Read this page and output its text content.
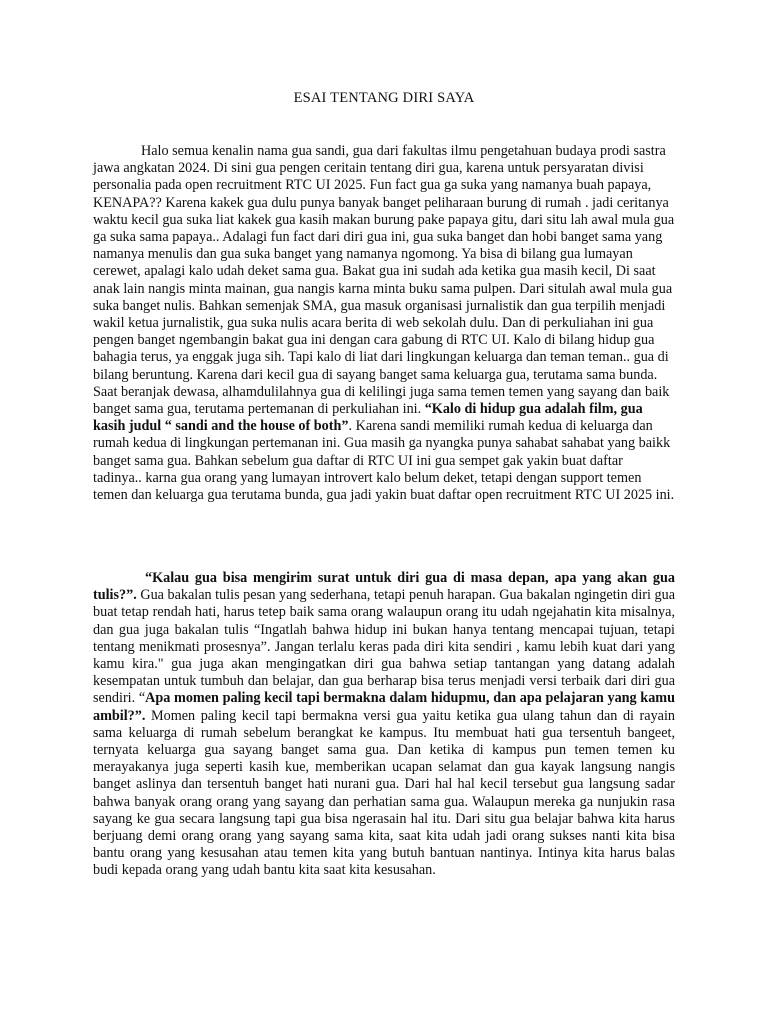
ESAI TENTANG DIRI SAYA

Halo semua kenalin nama gua sandi, gua dari fakultas ilmu pengetahuan budaya prodi sastra jawa angkatan 2024. Di sini gua pengen ceritain tentang diri gua, karena untuk persyaratan divisi personalia pada open recruitment RTC UI 2025. Fun fact gua ga suka yang namanya buah papaya, KENAPA?? Karena kakek gua dulu punya banyak banget peliharaan burung di rumah . jadi ceritanya waktu kecil gua suka liat kakek gua kasih makan burung pake papaya gitu, dari situ lah awal mula gua ga suka sama papaya.. Adalagi fun fact dari diri gua ini, gua suka banget dan hobi banget sama yang namanya menulis dan gua suka banget yang namanya ngomong. Ya bisa di bilang gua lumayan cerewet, apalagi kalo udah deket sama gua. Bakat gua ini sudah ada ketika gua masih kecil, Di saat anak lain nangis minta mainan, gua nangis karna minta buku sama pulpen. Dari situlah awal mula gua suka banget nulis. Bahkan semenjak SMA, gua masuk organisasi jurnalistik dan gua terpilih menjadi wakil ketua jurnalistik, gua suka nulis acara berita di web sekolah dulu. Dan di perkuliahan ini gua pengen banget ngembangin bakat gua ini dengan cara gabung di RTC UI. Kalo di bilang hidup gua bahagia terus, ya enggak juga sih. Tapi kalo di liat dari lingkungan keluarga dan teman teman.. gua di bilang beruntung. Karena dari kecil gua di sayang banget sama keluarga gua, terutama sama bunda. Saat beranjak dewasa, alhamdulilahnya gua di kelilingi juga sama temen temen yang sayang dan baik banget sama gua, terutama pertemanan di perkuliahan ini. “Kalo di hidup gua adalah film, gua kasih judul “ sandi and the house of both”. Karena sandi memiliki rumah kedua di keluarga dan rumah kedua di lingkungan pertemanan ini. Gua masih ga nyangka punya sahabat sahabat yang baikk banget sama gua. Bahkan sebelum gua daftar di RTC UI ini gua sempet gak yakin buat daftar tadinya.. karna gua orang yang lumayan introvert kalo belum deket, tetapi dengan support temen temen dan keluarga gua terutama bunda, gua jadi yakin buat daftar open recruitment RTC UI 2025 ini.

“Kalau gua bisa mengirim surat untuk diri gua di masa depan, apa yang akan gua tulis?”. Gua bakalan tulis pesan yang sederhana, tetapi penuh harapan. Gua bakalan ngingetin diri gua buat tetap rendah hati, harus tetep baik sama orang walaupun orang itu udah ngejahatin kita misalnya, dan gua juga bakalan tulis “Ingatlah bahwa hidup ini bukan hanya tentang mencapai tujuan, tetapi tentang menikmati prosesnya”. Jangan terlalu keras pada diri kita sendiri , kamu lebih kuat dari yang kamu kira." gua juga akan mengingatkan diri gua bahwa setiap tantangan yang datang adalah kesempatan untuk tumbuh dan belajar, dan gua berharap bisa terus menjadi versi terbaik dari diri gua sendiri. “Apa momen paling kecil tapi bermakna dalam hidupmu, dan apa pelajaran yang kamu ambil?”. Momen paling kecil tapi bermakna versi gua yaitu ketika gua ulang tahun dan di rayain sama keluarga di rumah sebelum berangkat ke kampus. Itu membuat hati gua tersentuh bangeet, ternyata keluarga gua sayang banget sama gua. Dan ketika di kampus pun temen temen ku merayakanya juga seperti kasih kue, memberikan ucapan selamat dan gua kayak langsung nangis banget aslinya dan tersentuh banget hati nurani gua. Dari hal hal kecil tersebut gua langsung sadar bahwa banyak orang orang yang sayang dan perhatian sama gua. Walaupun mereka ga nunjukin rasa sayang ke gua secara langsung tapi gua bisa ngerasain hal itu. Dari situ gua belajar bahwa kita harus berjuang demi orang orang yang sayang sama kita, saat kita udah jadi orang sukses nanti kita bisa bantu orang yang kesusahan atau temen kita yang butuh bantuan nantinya. Intinya kita harus balas budi kepada orang yang udah bantu kita saat kita kesusahan.
